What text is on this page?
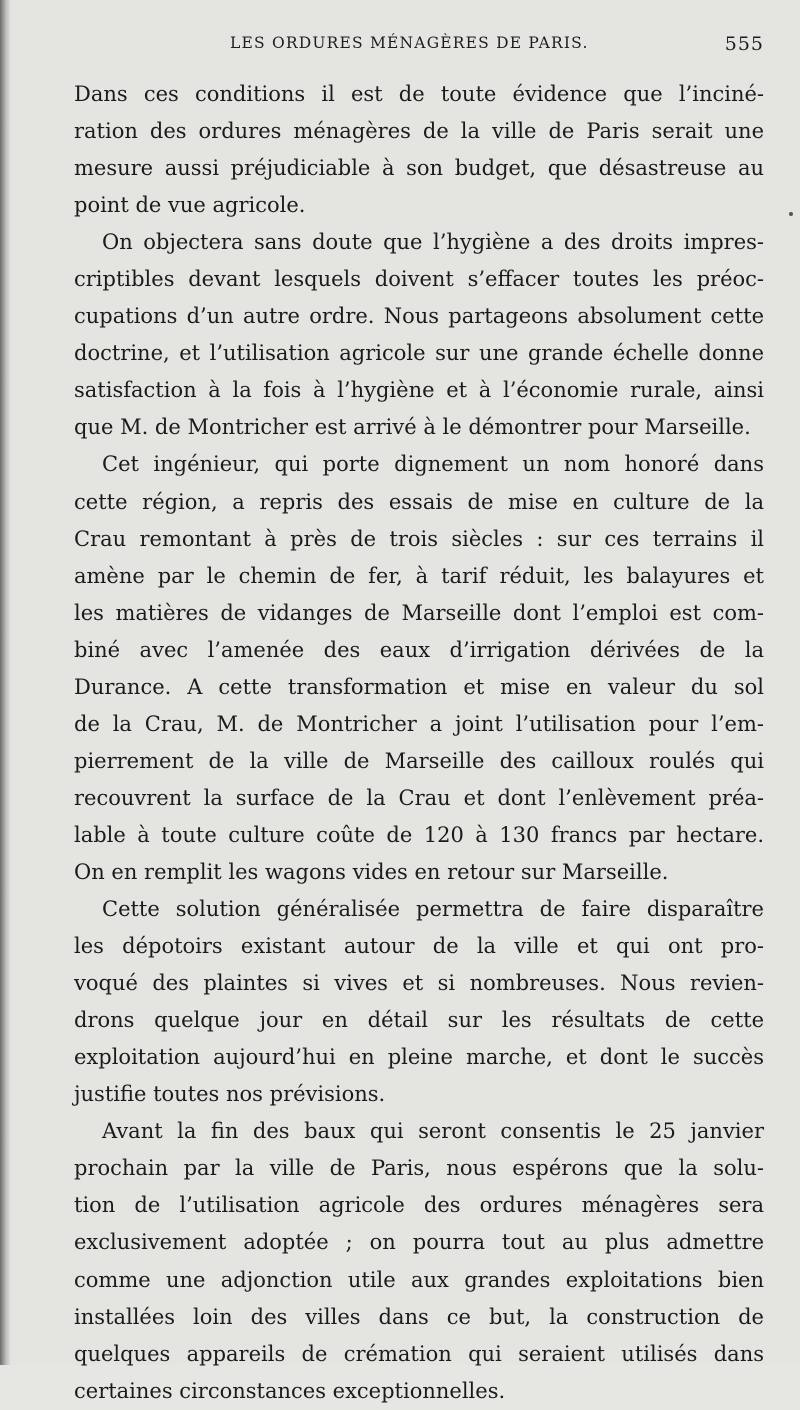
LES ORDURES MÉNAGÈRES DE PARIS.	555
Dans ces conditions il est de toute évidence que l’inciné-
ration des ordures ménagères de la ville de Paris serait une
mesure aussi préjudiciable à son budget, que désastreuse au
point de vue agricole.
On objectera sans doute que l’hygiène a des droits impres-
criptibles devant lesquels doivent s’effacer toutes les préoc-
cupations d’un autre ordre. Nous partageons absolument cette
doctrine, et l’utilisation agricole sur une grande échelle donne
satisfaction à la fois à l’hygiène et à l’économie rurale, ainsi
que M. de Montricher est arrivé à le démontrer pour Marseille.
Cet ingénieur, qui porte dignement un nom honoré dans
cette région, a repris des essais de mise en culture de la
Crau remontant à près de trois siècles : sur ces terrains il
amène par le chemin de fer, à tarif réduit, les balayures et
les matières de vidanges de Marseille dont l’emploi est com-
biné avec l’amenée des eaux d’irrigation dérivées de la
Durance. A cette transformation et mise en valeur du sol
de la Crau, M. de Montricher a joint l’utilisation pour l’em-
pierrement de la ville de Marseille des cailloux roulés qui
recouvrent la surface de la Crau et dont l’enlèvement préa-
lable à toute culture coûte de 120 à 130 francs par hectare.
On en remplit les wagons vides en retour sur Marseille.
Cette solution généralisée permettra de faire disparaître
les dépotoirs existant autour de la ville et qui ont pro-
voqué des plaintes si vives et si nombreuses. Nous revien-
drons quelque jour en détail sur les résultats de cette
exploitation aujourd’hui en pleine marche, et dont le succès
justifie toutes nos prévisions.
Avant la fin des baux qui seront consentis le 25 janvier
prochain par la ville de Paris, nous espérons que la solu-
tion de l’utilisation agricole des ordures ménagères sera
exclusivement adoptée ; on pourra tout au plus admettre
comme une adjonction utile aux grandes exploitations bien
installées loin des villes dans ce but, la construction de
quelques appareils de crémation qui seraient utilisés dans
certaines circonstances exceptionnelles.
